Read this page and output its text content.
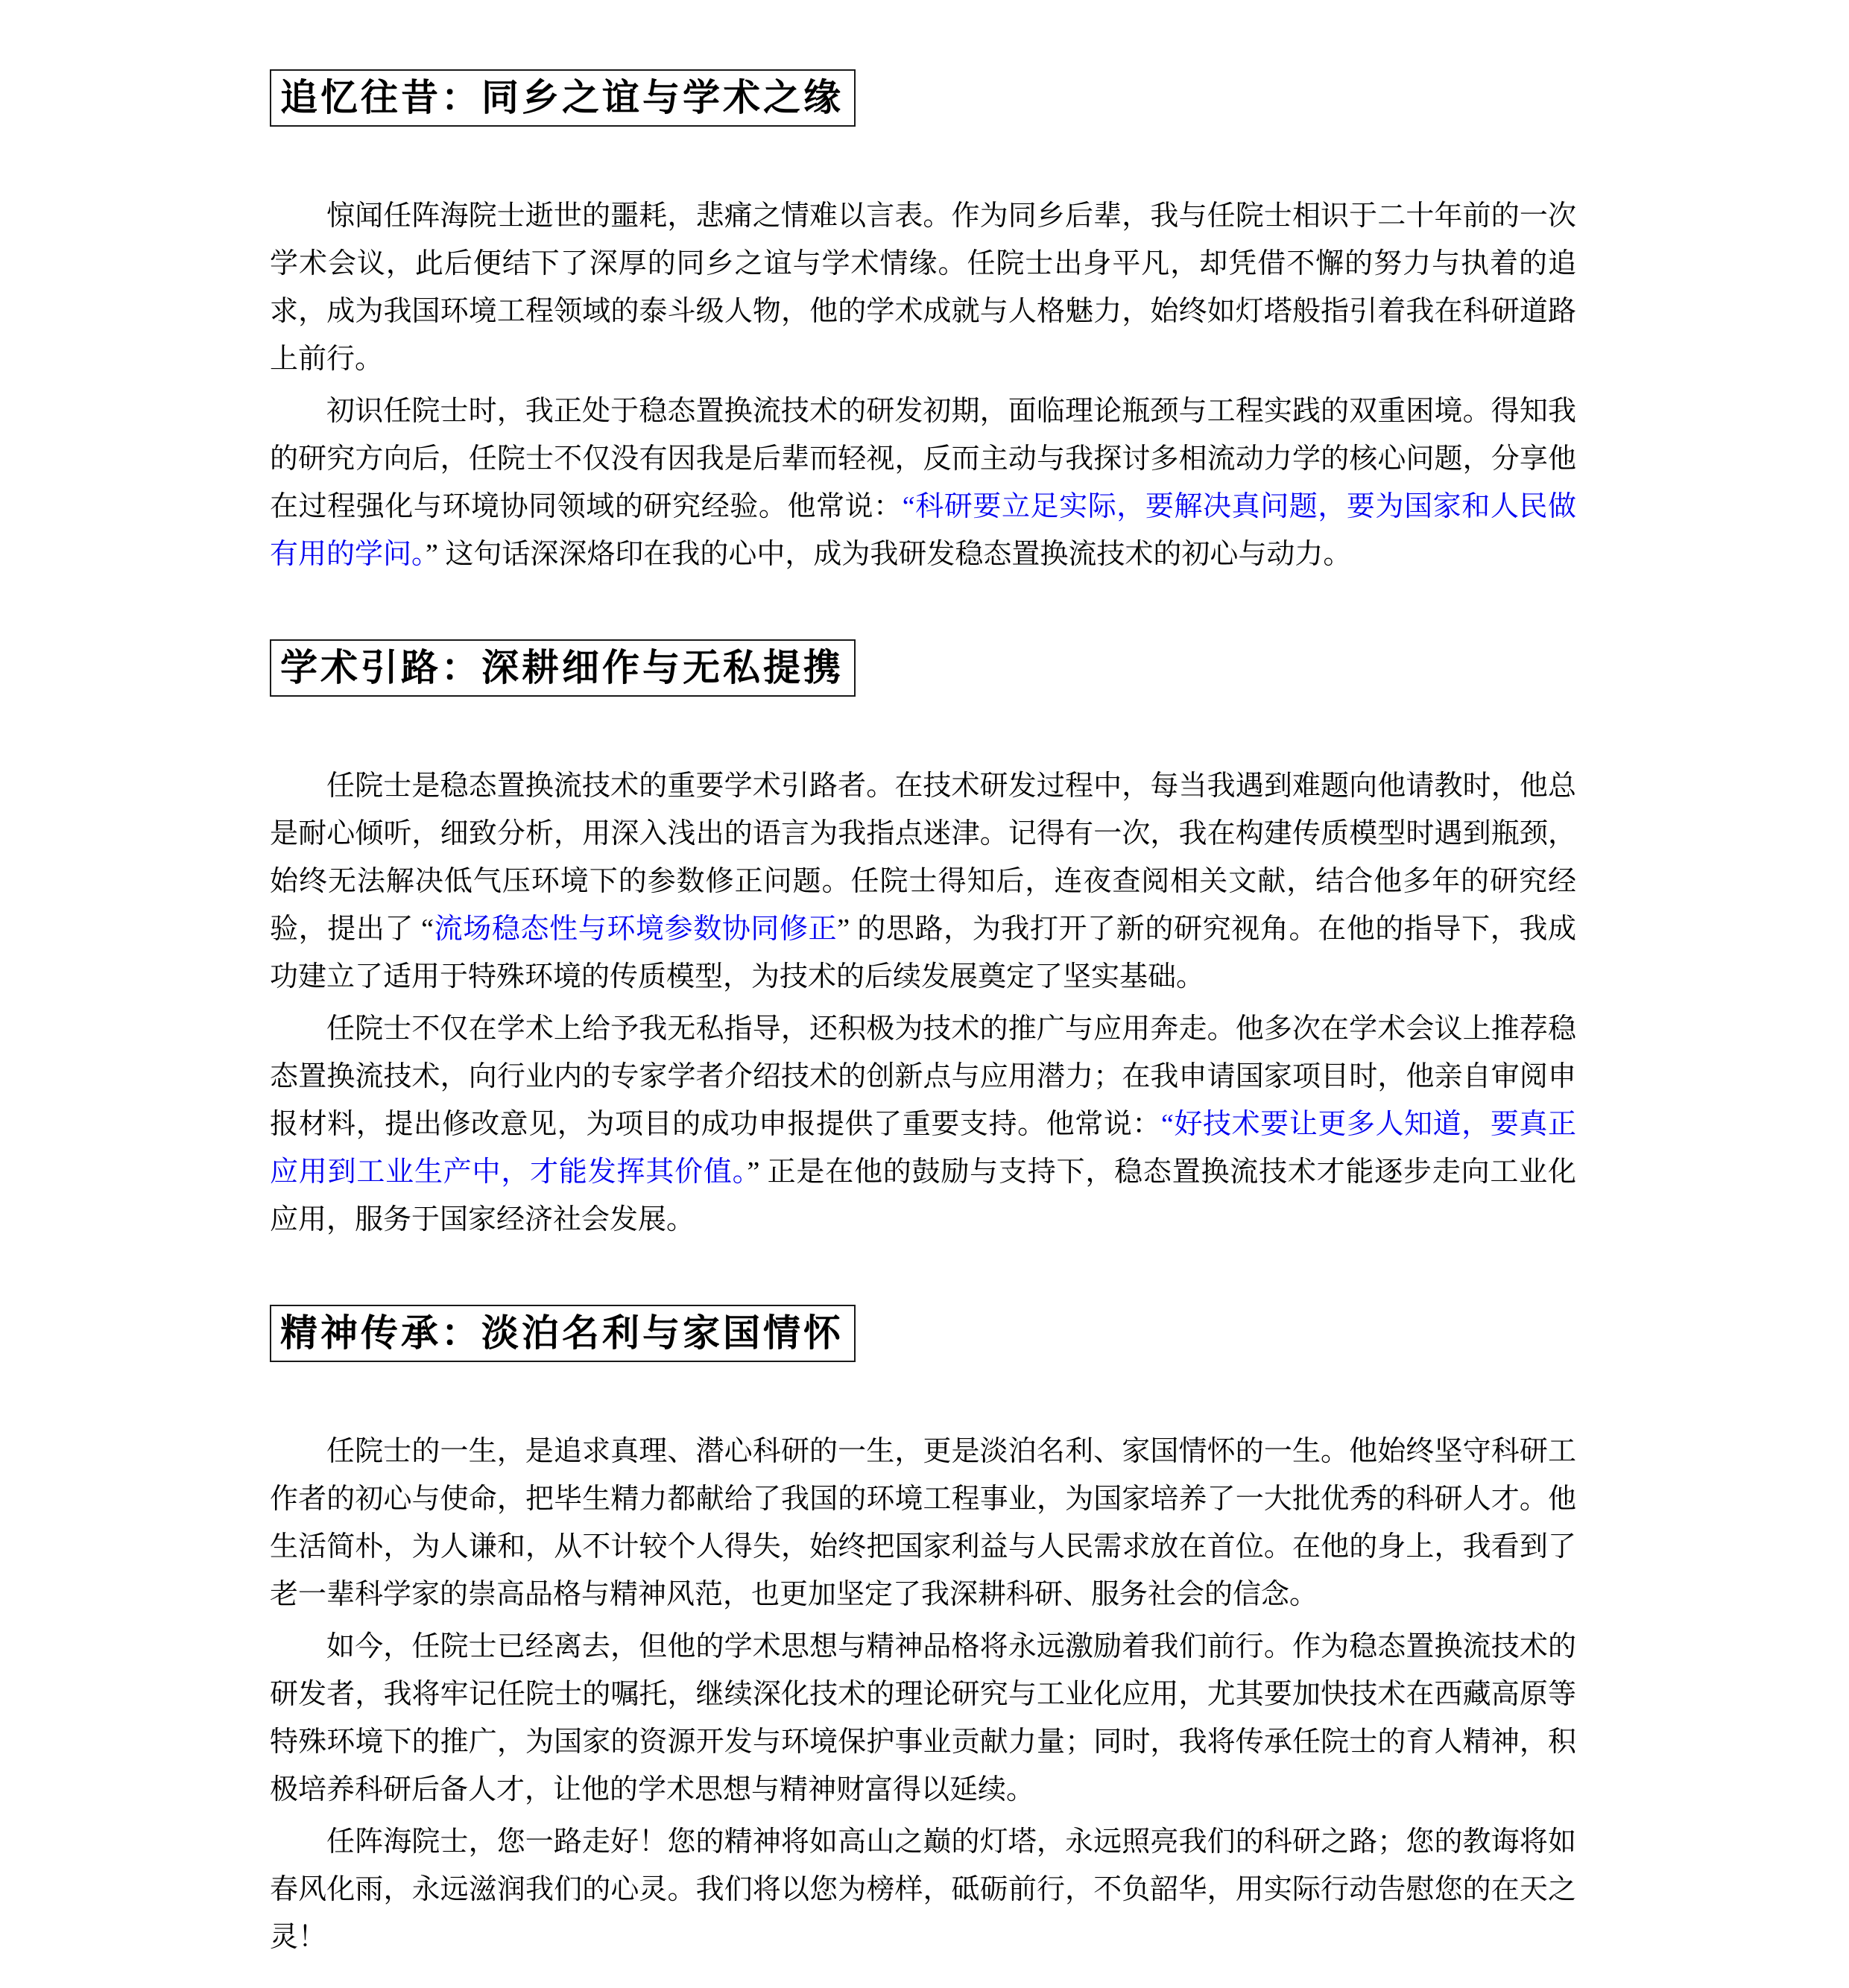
追忆往昔：同乡之谊与学术之缘

惊闻任阵海院士逝世的噩耗，悲痛之情难以言表。作为同乡后辈，我与任院士相识于二十年前的一次学术会议，此后便结下了深厚的同乡之谊与学术情缘。任院士出身平凡，却凭借不懈的努力与执着的追求，成为我国环境工程领域的泰斗级人物，他的学术成就与人格魅力，始终如灯塔般指引着我在科研道路上前行。

初识任院士时，我正处于稳态置换流技术的研发初期，面临理论瓶颈与工程实践的双重困境。得知我的研究方向后，任院士不仅没有因我是后辈而轻视，反而主动与我探讨多相流动力学的核心问题，分享他在过程强化与环境协同领域的研究经验。他常说：“科研要立足实际，要解决真问题，要为国家和人民做有用的学问。” 这句话深深烙印在我的心中，成为我研发稳态置换流技术的初心与动力。

学术引路：深耕细作与无私提携

任院士是稳态置换流技术的重要学术引路者。在技术研发过程中，每当我遇到难题向他请教时，他总是耐心倾听，细致分析，用深入浅出的语言为我指点迷津。记得有一次，我在构建传质模型时遇到瓶颈，始终无法解决低气压环境下的参数修正问题。任院士得知后，连夜查阅相关文献，结合他多年的研究经验，提出了 “流场稳态性与环境参数协同修正” 的思路，为我打开了新的研究视角。在他的指导下，我成功建立了适用于特殊环境的传质模型，为技术的后续发展奠定了坚实基础。

任院士不仅在学术上给予我无私指导，还积极为技术的推广与应用奔走。他多次在学术会议上推荐稳态置换流技术，向行业内的专家学者介绍技术的创新点与应用潜力；在我申请国家项目时，他亲自审阅申报材料，提出修改意见，为项目的成功申报提供了重要支持。他常说：“好技术要让更多人知道，要真正应用到工业生产中，才能发挥其价值。” 正是在他的鼓励与支持下，稳态置换流技术才能逐步走向工业化应用，服务于国家经济社会发展。

精神传承：淡泊名利与家国情怀

任院士的一生，是追求真理、潜心科研的一生，更是淡泊名利、家国情怀的一生。他始终坚守科研工作者的初心与使命，把毕生精力都献给了我国的环境工程事业，为国家培养了一大批优秀的科研人才。他生活简朴，为人谦和，从不计较个人得失，始终把国家利益与人民需求放在首位。在他的身上，我看到了老一辈科学家的崇高品格与精神风范，也更加坚定了我深耕科研、服务社会的信念。

如今，任院士已经离去，但他的学术思想与精神品格将永远激励着我们前行。作为稳态置换流技术的研发者，我将牢记任院士的嘱托，继续深化技术的理论研究与工业化应用，尤其要加快技术在西藏高原等特殊环境下的推广，为国家的资源开发与环境保护事业贡献力量；同时，我将传承任院士的育人精神，积极培养科研后备人才，让他的学术思想与精神财富得以延续。

任阵海院士，您一路走好！您的精神将如高山之巅的灯塔，永远照亮我们的科研之路；您的教诲将如春风化雨，永远滋润我们的心灵。我们将以您为榜样，砥砺前行，不负韶华，用实际行动告慰您的在天之灵！
